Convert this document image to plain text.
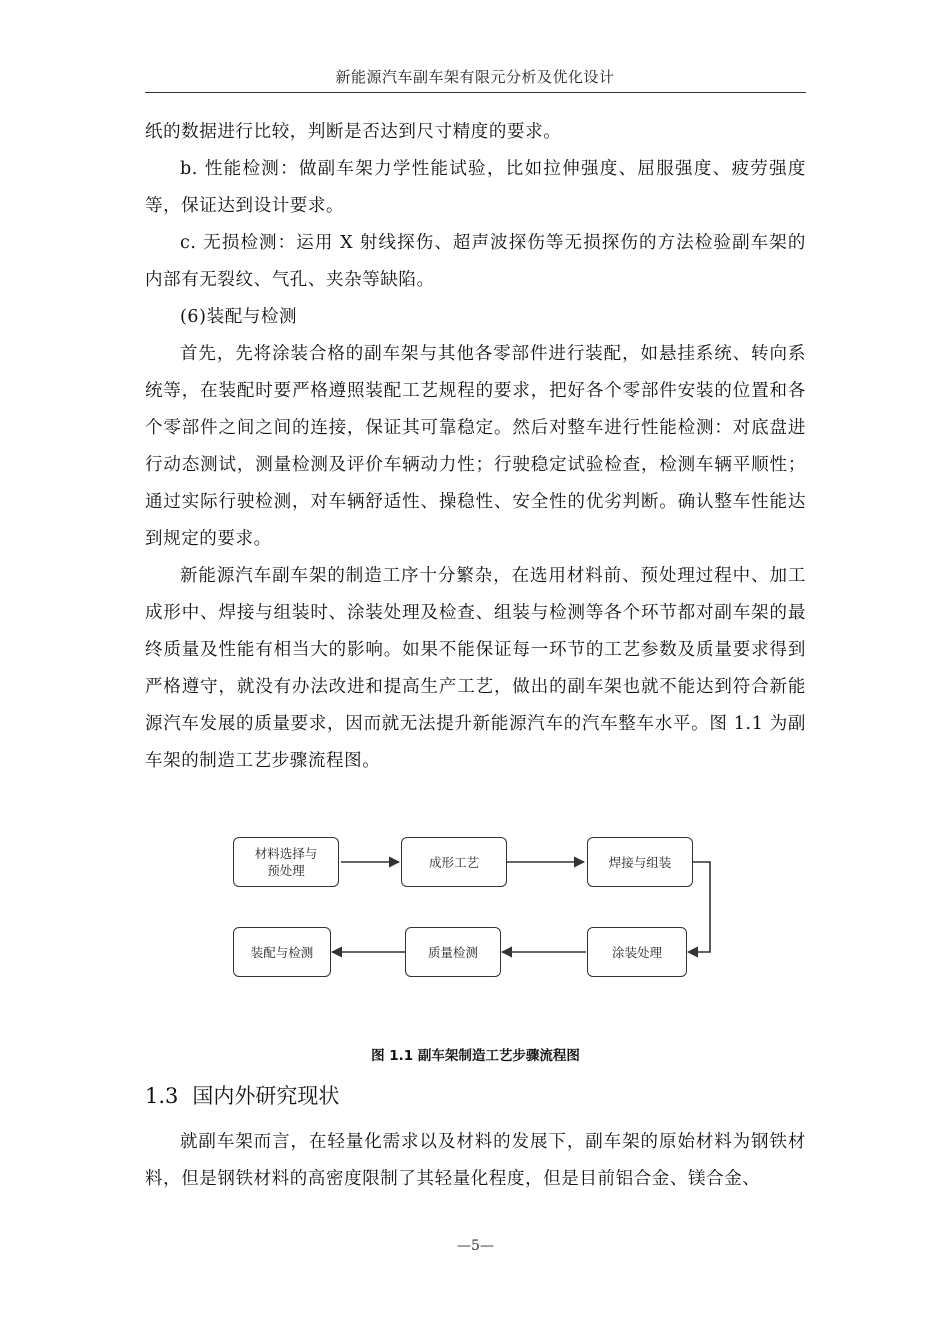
新能源汽车副车架有限元分析及优化设计

纸的数据进行比较，判断是否达到尺寸精度的要求。

b. 性能检测：做副车架力学性能试验，比如拉伸强度、屈服强度、疲劳强度等，保证达到设计要求。

c. 无损检测：运用 X 射线探伤、超声波探伤等无损探伤的方法检验副车架的内部有无裂纹、气孔、夹杂等缺陷。

(6)装配与检测

首先，先将涂装合格的副车架与其他各零部件进行装配，如悬挂系统、转向系统等，在装配时要严格遵照装配工艺规程的要求，把好各个零部件安装的位置和各个零部件之间之间的连接，保证其可靠稳定。然后对整车进行性能检测：对底盘进行动态测试，测量检测及评价车辆动力性；行驶稳定试验检查，检测车辆平顺性；通过实际行驶检测，对车辆舒适性、操稳性、安全性的优劣判断。确认整车性能达到规定的要求。

新能源汽车副车架的制造工序十分繁杂，在选用材料前、预处理过程中、加工成形中、焊接与组装时、涂装处理及检查、组装与检测等各个环节都对副车架的最终质量及性能有相当大的影响。如果不能保证每一环节的工艺参数及质量要求得到严格遵守，就没有办法改进和提高生产工艺，做出的副车架也就不能达到符合新能源汽车发展的质量要求，因而就无法提升新能源汽车的汽车整车水平。图 1.1 为副车架的制造工艺步骤流程图。

材料选择与
预处理
成形工艺	焊接与组装
涂装处理
质量检测
装配与检测
图 1.1 副车架制造工艺步骤流程图
1.3 国内外研究现状

就副车架而言，在轻量化需求以及材料的发展下，副车架的原始材料为钢铁材料，但是钢铁材料的高密度限制了其轻量化程度，但是目前铝合金、镁合金、

—5—
